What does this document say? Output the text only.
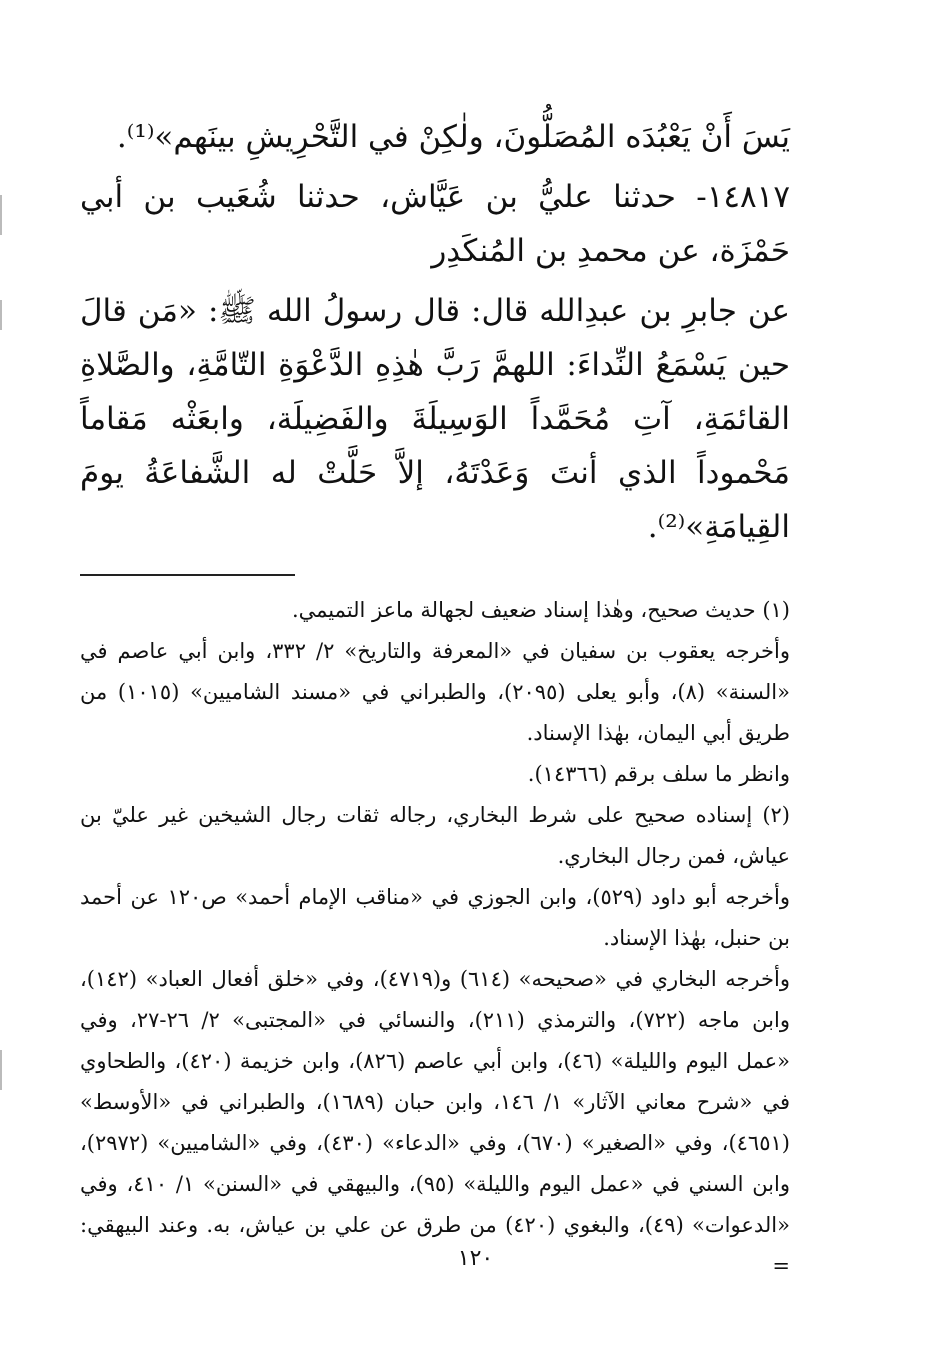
يَسَ أَنْ يَعْبُدَه المُصَلُّونَ، ولٰكِنْ في التَّحْرِيشِ بينَهم»⁽¹⁾.

١٤٨١٧- حدثنا عليُّ بن عَيَّاش، حدثنا شُعَيب بن أبي حَمْزَة، عن محمدِ بن المُنكَدِر

عن جابرِ بن عبدِالله قال: قال رسولُ الله ﷺ: «مَن قالَ حين يَسْمَعُ النِّداءَ: اللهمَّ رَبَّ هٰذِهِ الدَّعْوَةِ التّامَّةِ، والصَّلاةِ القائمَةِ، آتِ مُحَمَّداً الوَسِيلَةَ والفَضِيلَة، وابعَثْه مَقاماً مَحْموداً الذي أنتَ وَعَدْتَهُ، إلاَّ حَلَّتْ له الشَّفاعَةُ يومَ القِيامَةِ»⁽²⁾.

(١) حديث صحيح، وهٰذا إسناد ضعيف لجهالة ماعز التميمي.

وأخرجه يعقوب بن سفيان في «المعرفة والتاريخ» ٢/ ٣٣٢، وابن أبي عاصم في «السنة» (٨)، وأبو يعلى (٢٠٩٥)، والطبراني في «مسند الشاميين» (١٠١٥) من طريق أبي اليمان، بهٰذا الإسناد.

وانظر ما سلف برقم (١٤٣٦٦).

(٢) إسناده صحيح على شرط البخاري، رجاله ثقات رجال الشيخين غير عليّ بن عياش، فمن رجال البخاري.

وأخرجه أبو داود (٥٢٩)، وابن الجوزي في «مناقب الإمام أحمد» ص١٢٠ عن أحمد بن حنبل، بهٰذا الإسناد.

وأخرجه البخاري في «صحيحه» (٦١٤) و(٤٧١٩)، وفي «خلق أفعال العباد» (١٤٢)، وابن ماجه (٧٢٢)، والترمذي (٢١١)، والنسائي في «المجتبى» ٢/ ٢٦-٢٧، وفي «عمل اليوم والليلة» (٤٦)، وابن أبي عاصم (٨٢٦)، وابن خزيمة (٤٢٠)، والطحاوي في «شرح معاني الآثار» ١/ ١٤٦، وابن حبان (١٦٨٩)، والطبراني في «الأوسط» (٤٦٥١)، وفي «الصغير» (٦٧٠)، وفي «الدعاء» (٤٣٠)، وفي «الشاميين» (٢٩٧٢)، وابن السني في «عمل اليوم والليلة» (٩٥)، والبيهقي في «السنن» ١/ ٤١٠، وفي «الدعوات» (٤٩)، والبغوي (٤٢٠) من طرق عن علي بن عياش، به. وعند البيهقي: =

١٢٠
